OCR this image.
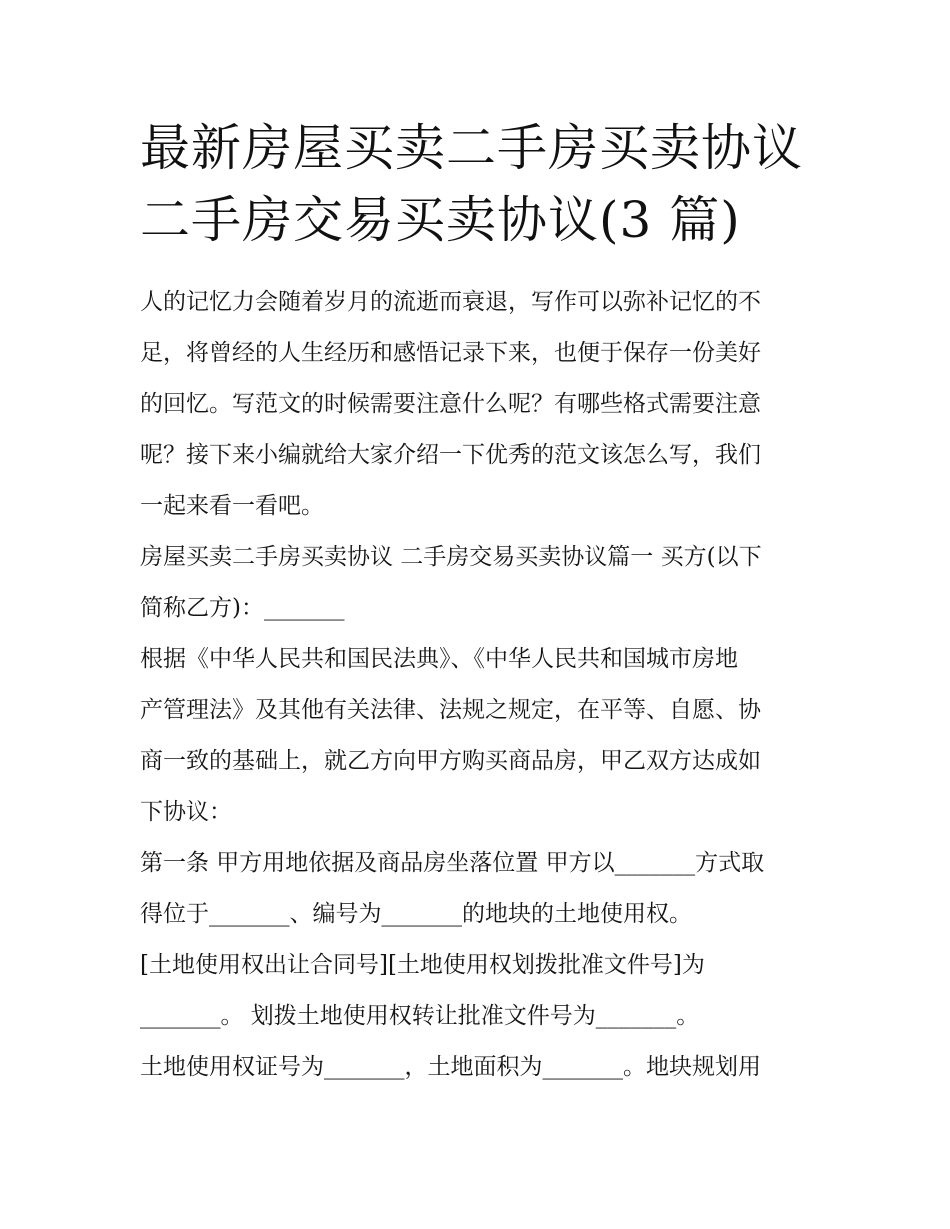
最新房屋买卖二手房买卖协议
二手房交易买卖协议(3 篇)

人的记忆力会随着岁月的流逝而衰退，写作可以弥补记忆的不
足，将曾经的人生经历和感悟记录下来，也便于保存一份美好
的回忆。写范文的时候需要注意什么呢？有哪些格式需要注意
呢？接下来小编就给大家介绍一下优秀的范文该怎么写，我们
一起来看一看吧。

房屋买卖二手房买卖协议 二手房交易买卖协议篇一 买方(以下
简称乙方)：_______

根据《中华人民共和国民法典》、《中华人民共和国城市房地
产管理法》及其他有关法律、法规之规定，在平等、自愿、协
商一致的基础上，就乙方向甲方购买商品房，甲乙双方达成如
下协议：

第一条 甲方用地依据及商品房坐落位置 甲方以_______方式取
得位于_______、编号为_______的地块的土地使用权。

[土地使用权出让合同号][土地使用权划拨批准文件号]为
_______。 划拨土地使用权转让批准文件号为_______。

土地使用权证号为_______，土地面积为_______。地块规划用
